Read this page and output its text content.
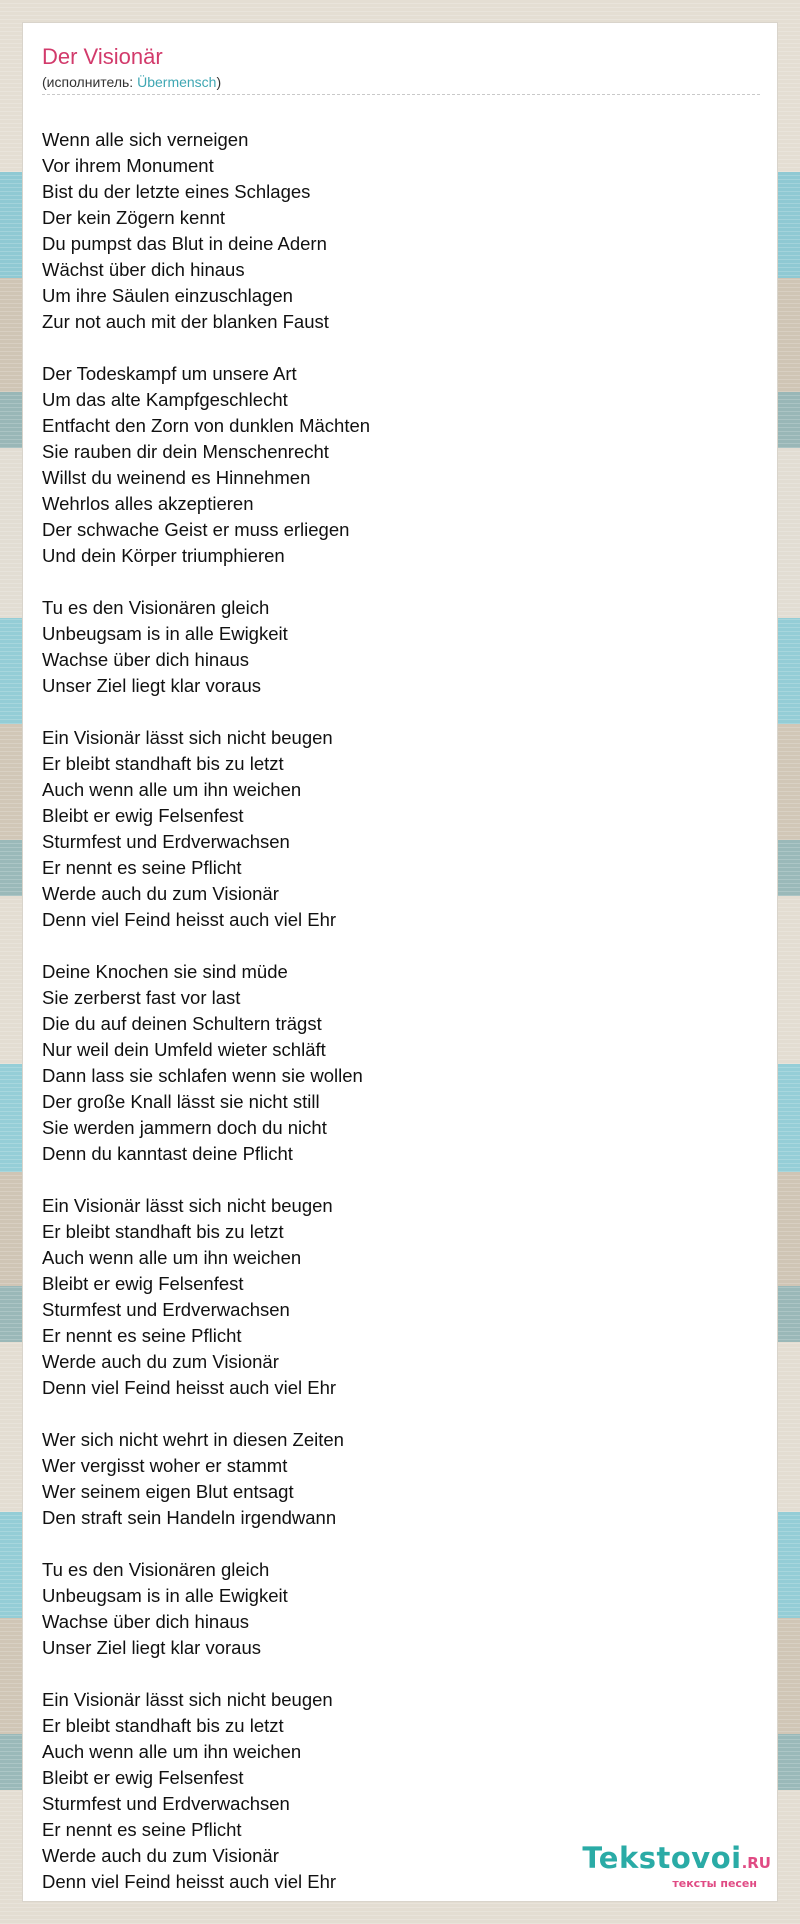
Der Visionär
(исполнитель: Übermensch)
Wenn alle sich verneigen
Vor ihrem Monument
Bist du der letzte eines Schlages
Der kein Zögern kennt
Du pumpst das Blut in deine Adern
Wächst über dich hinaus
Um ihre Säulen einzuschlagen
Zur not auch mit der blanken Faust
Der Todeskampf um unsere Art
Um das alte Kampfgeschlecht
Entfacht den Zorn von dunklen Mächten
Sie rauben dir dein Menschenrecht
Willst du weinend es Hinnehmen
Wehrlos alles akzeptieren
Der schwache Geist er muss erliegen
Und dein Körper triumphieren
Tu es den Visionären gleich
Unbeugsam is in alle Ewigkeit
Wachse über dich hinaus
Unser Ziel liegt klar voraus
Ein Visionär lässt sich nicht beugen
Er bleibt standhaft bis zu letzt
Auch wenn alle um ihn weichen
Bleibt er ewig Felsenfest
Sturmfest und Erdverwachsen
Er nennt es seine Pflicht
Werde auch du zum Visionär
Denn viel Feind heisst auch viel Ehr
Deine Knochen sie sind müde
Sie zerberst fast vor last
Die du auf deinen Schultern trägst
Nur weil dein Umfeld wieter schläft
Dann lass sie schlafen wenn sie wollen
Der große Knall lässt sie nicht still
Sie werden jammern doch du nicht
Denn du kanntast deine Pflicht
Ein Visionär lässt sich nicht beugen
Er bleibt standhaft bis zu letzt
Auch wenn alle um ihn weichen
Bleibt er ewig Felsenfest
Sturmfest und Erdverwachsen
Er nennt es seine Pflicht
Werde auch du zum Visionär
Denn viel Feind heisst auch viel Ehr
Wer sich nicht wehrt in diesen Zeiten
Wer vergisst woher er stammt
Wer seinem eigen Blut entsagt
Den straft sein Handeln irgendwann
Tu es den Visionären gleich
Unbeugsam is in alle Ewigkeit
Wachse über dich hinaus
Unser Ziel liegt klar voraus
Ein Visionär lässt sich nicht beugen
Er bleibt standhaft bis zu letzt
Auch wenn alle um ihn weichen
Bleibt er ewig Felsenfest
Sturmfest und Erdverwachsen
Er nennt es seine Pflicht
Werde auch du zum Visionär
Denn viel Feind heisst auch viel Ehr
Tekstovoi.RU
тексты песен
